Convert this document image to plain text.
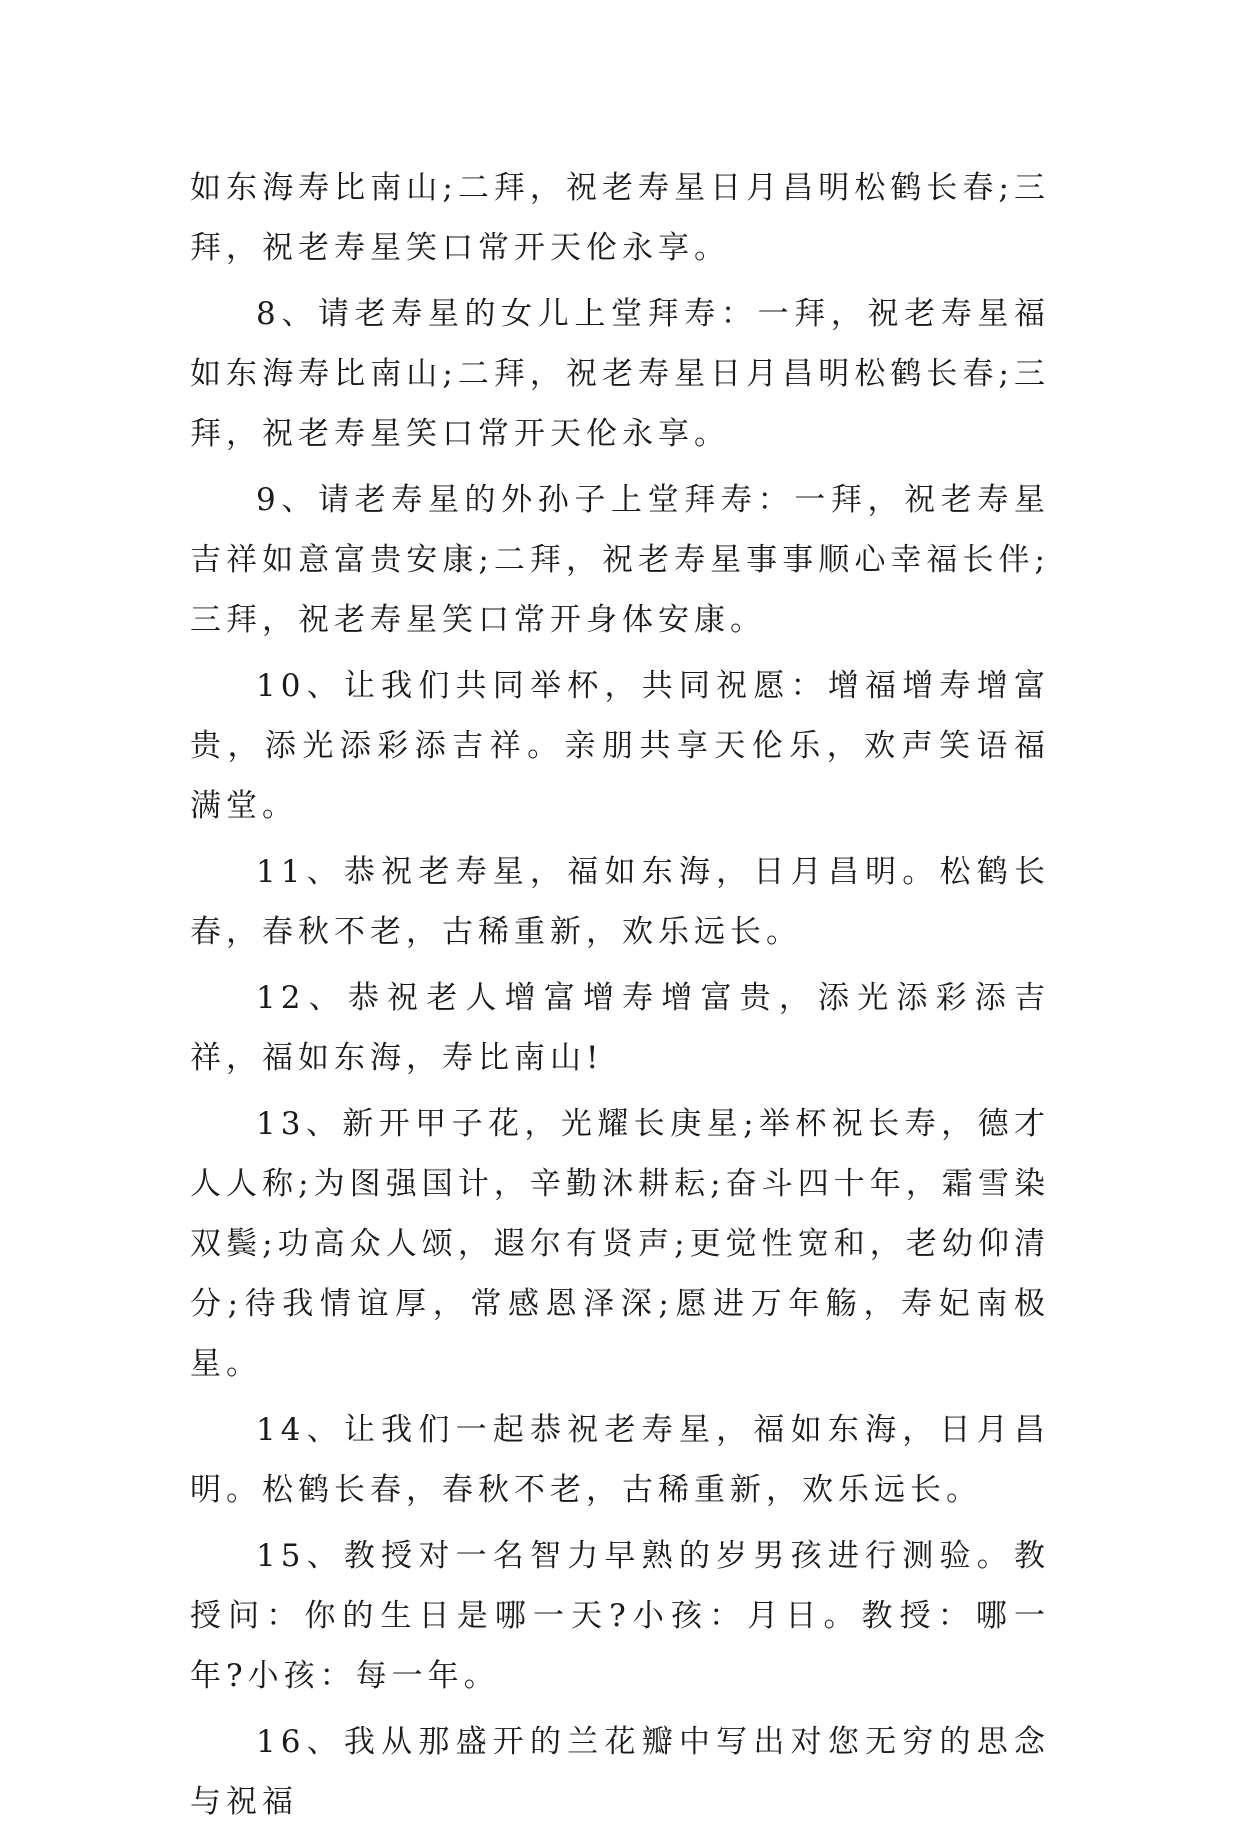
如东海寿比南山;二拜，祝老寿星日月昌明松鹤长春;三拜，祝老寿星笑口常开天伦永享。

8、请老寿星的女儿上堂拜寿：一拜，祝老寿星福如东海寿比南山;二拜，祝老寿星日月昌明松鹤长春;三拜，祝老寿星笑口常开天伦永享。

9、请老寿星的外孙子上堂拜寿：一拜，祝老寿星吉祥如意富贵安康;二拜，祝老寿星事事顺心幸福长伴;三拜，祝老寿星笑口常开身体安康。

10、让我们共同举杯，共同祝愿：增福增寿增富贵，添光添彩添吉祥。亲朋共享天伦乐，欢声笑语福满堂。

11、恭祝老寿星，福如东海，日月昌明。松鹤长春，春秋不老，古稀重新，欢乐远长。

12、恭祝老人增富增寿增富贵，添光添彩添吉祥，福如东海，寿比南山!

13、新开甲子花，光耀长庚星;举杯祝长寿，德才人人称;为图强国计，辛勤沐耕耘;奋斗四十年，霜雪染双鬓;功高众人颂，遐尔有贤声;更觉性宽和，老幼仰清分;待我情谊厚，常感恩泽深;愿进万年觞，寿妃南极星。

14、让我们一起恭祝老寿星，福如东海，日月昌明。松鹤长春，春秋不老，古稀重新，欢乐远长。

15、教授对一名智力早熟的岁男孩进行测验。教授问：你的生日是哪一天?小孩：月日。教授：哪一年?小孩：每一年。

16、我从那盛开的兰花瓣中写出对您无穷的思念与祝福
